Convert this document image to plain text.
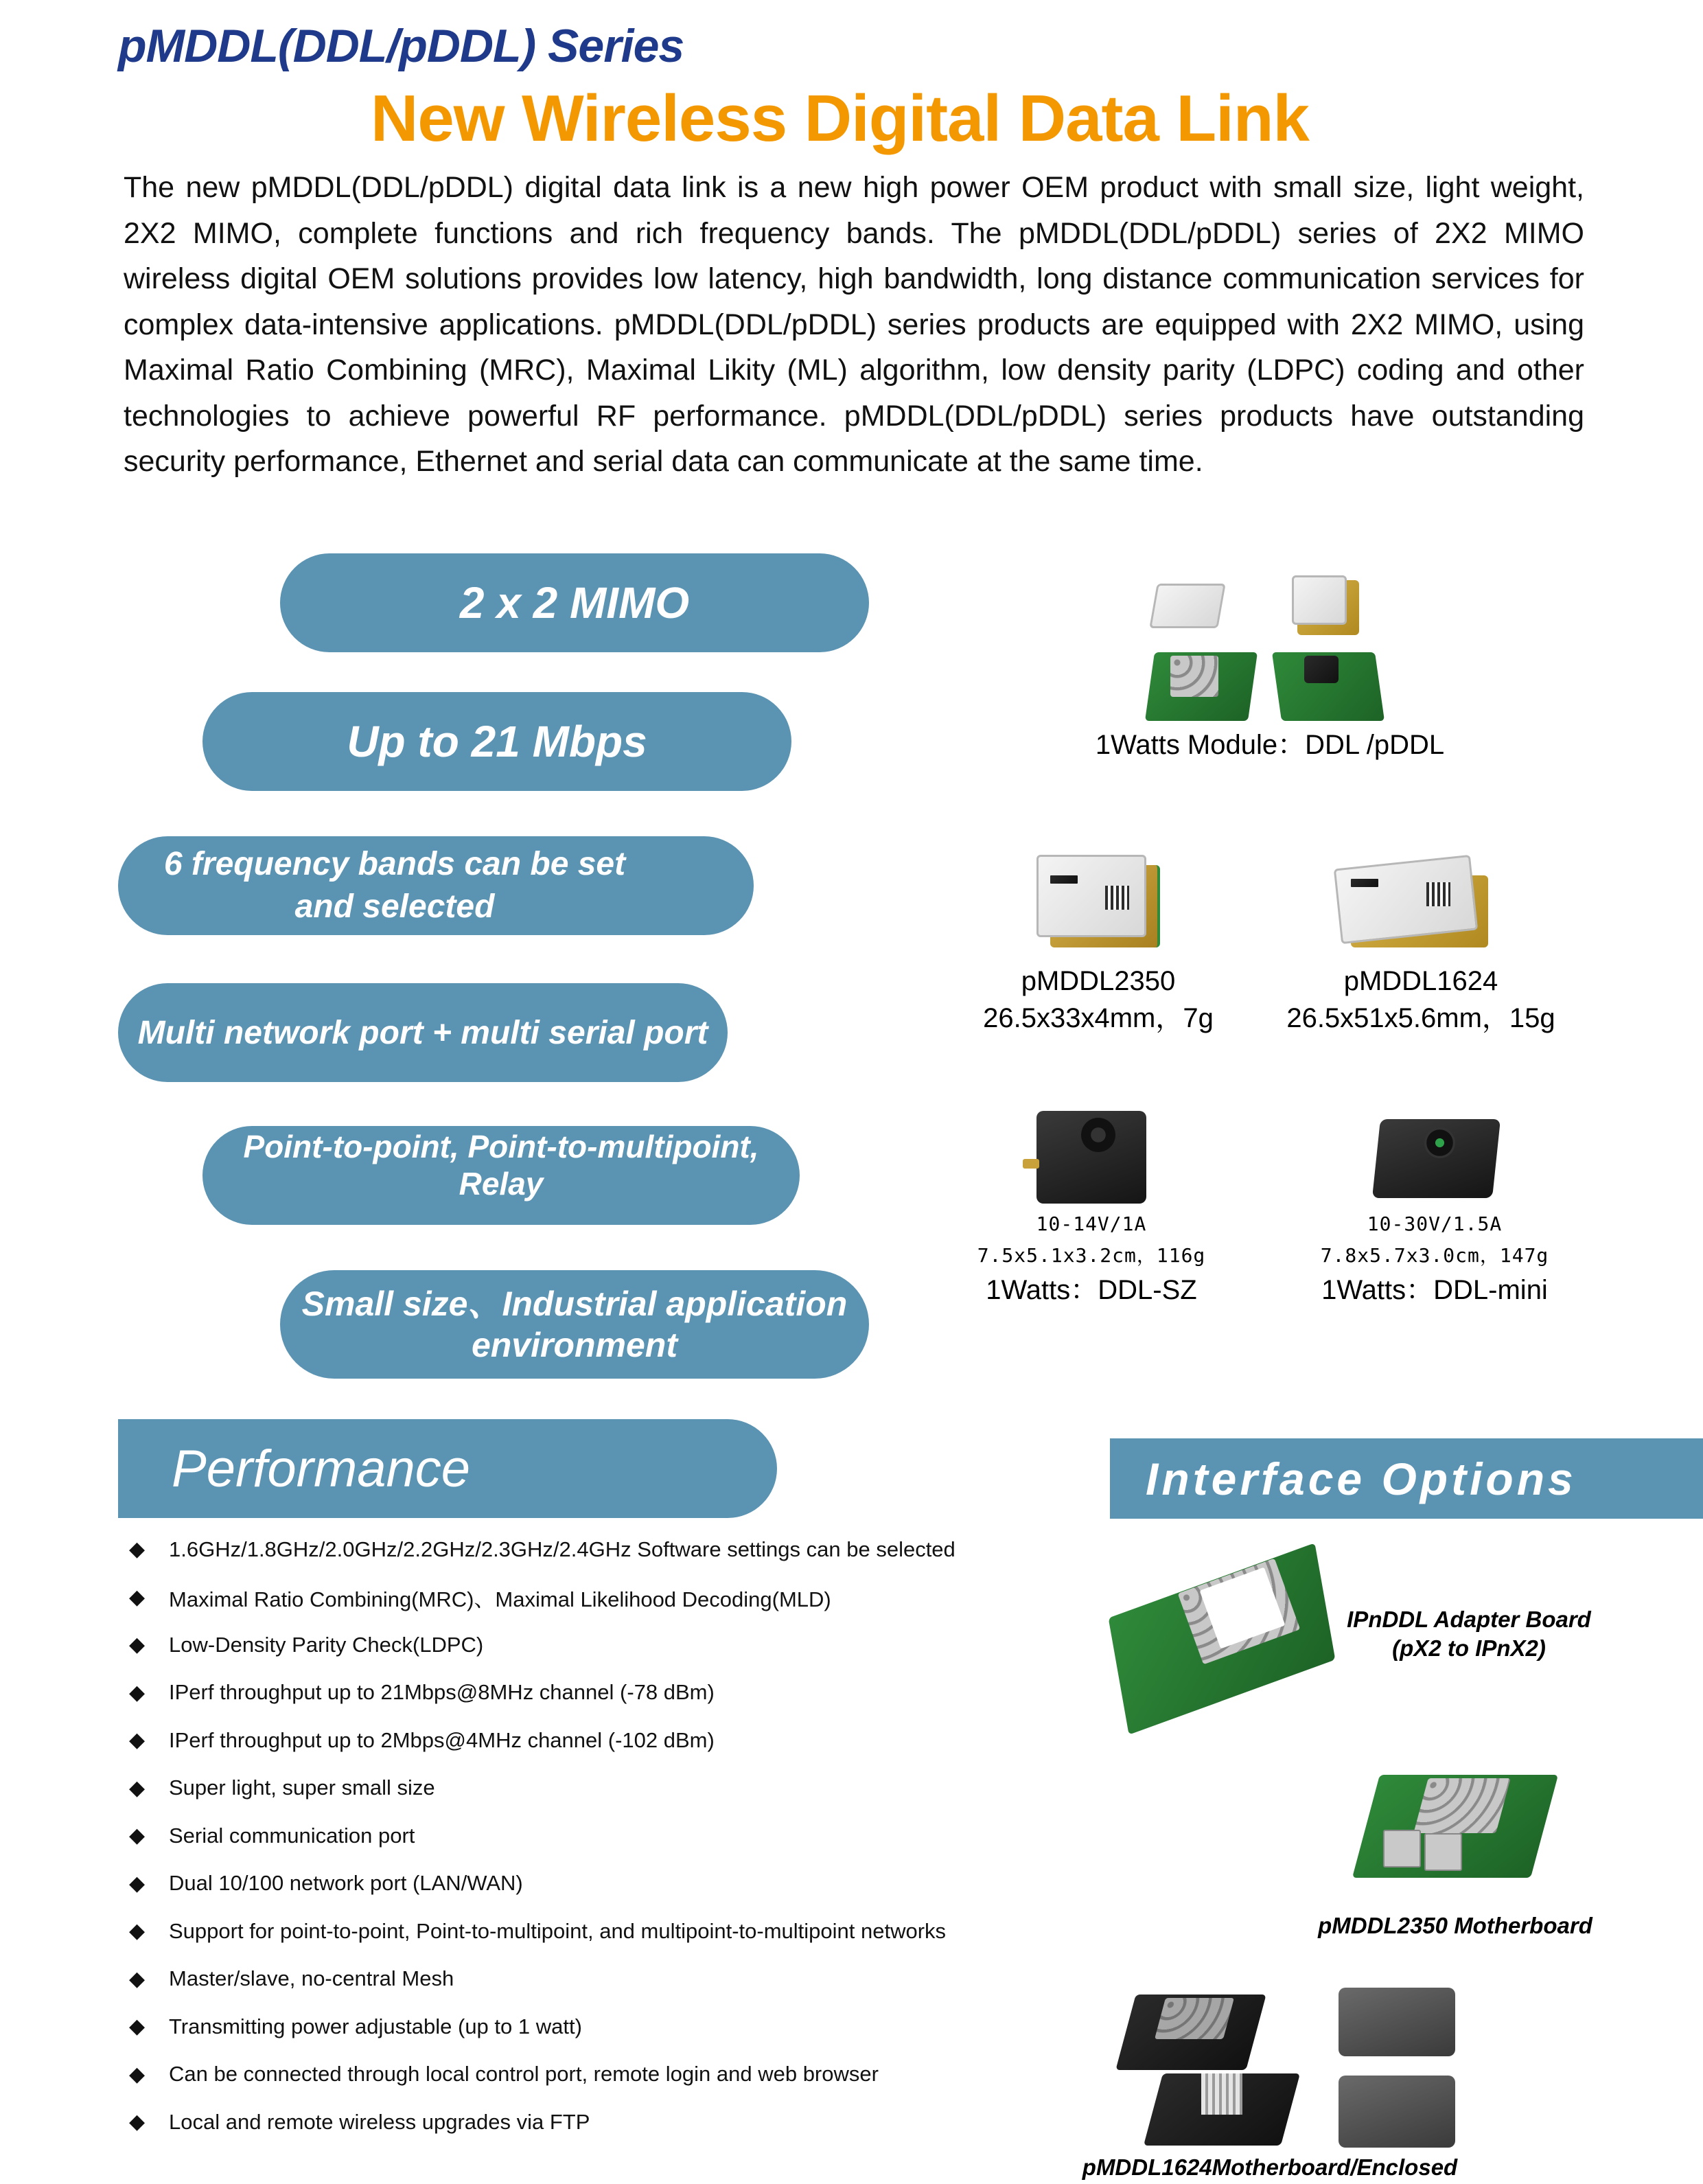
pMDDL(DDL/pDDL) Series
New Wireless Digital Data Link

The new pMDDL(DDL/pDDL) digital data link is a new high power OEM product with small size, light weight, 2X2 MIMO, complete functions and rich frequency bands. The pMDDL(DDL/pDDL) series of 2X2 MIMO wireless digital OEM solutions provides low latency, high bandwidth, long distance communication services for complex data-intensive applications. pMDDL(DDL/pDDL) series products are equipped with 2X2 MIMO, using Maximal Ratio Combining (MRC), Maximal Likity (ML) algorithm, low density parity (LDPC) coding and other technologies to achieve powerful RF performance. pMDDL(DDL/pDDL) series products have outstanding security performance, Ethernet and serial data can communicate at the same time.

2 x 2 MIMO
Up to 21 Mbps
6 frequency bands can be set
and selected
Multi network port + multi serial port
Point-to-point, Point-to-multipoint, Relay
Small size、Industrial application
environment
1Watts Module：DDL /pDDL
pMDDL2350
26.5x33x4mm，7g
pMDDL1624
26.5x51x5.6mm，15g
10-14V/1A
7.5x5.1x3.2cm，116g
1Watts：DDL-SZ
10-30V/1.5A
7.8x5.7x3.0cm，147g
1Watts：DDL-mini
Performance
◆	1.6GHz/1.8GHz/2.0GHz/2.2GHz/2.3GHz/2.4GHz Software settings can be selected
◆	Maximal Ratio Combining(MRC)、Maximal Likelihood Decoding(MLD)
◆	Low-Density Parity Check(LDPC)
◆	IPerf throughput up to 21Mbps@8MHz channel (-78 dBm)
◆	IPerf throughput up to 2Mbps@4MHz channel (-102 dBm)
◆	Super light, super small size
◆	Serial communication port
◆	Dual 10/100 network port (LAN/WAN)
◆	Support for point-to-point, Point-to-multipoint, and multipoint-to-multipoint networks
◆	Master/slave, no-central Mesh
◆	Transmitting power adjustable (up to 1 watt)
◆	Can be connected through local control port, remote login and web browser
◆	Local and remote wireless upgrades via FTP
Interface Options
IPnDDL Adapter Board
(pX2 to IPnX2)
pMDDL2350 Motherboard
pMDDL1624Motherboard/Enclosed
